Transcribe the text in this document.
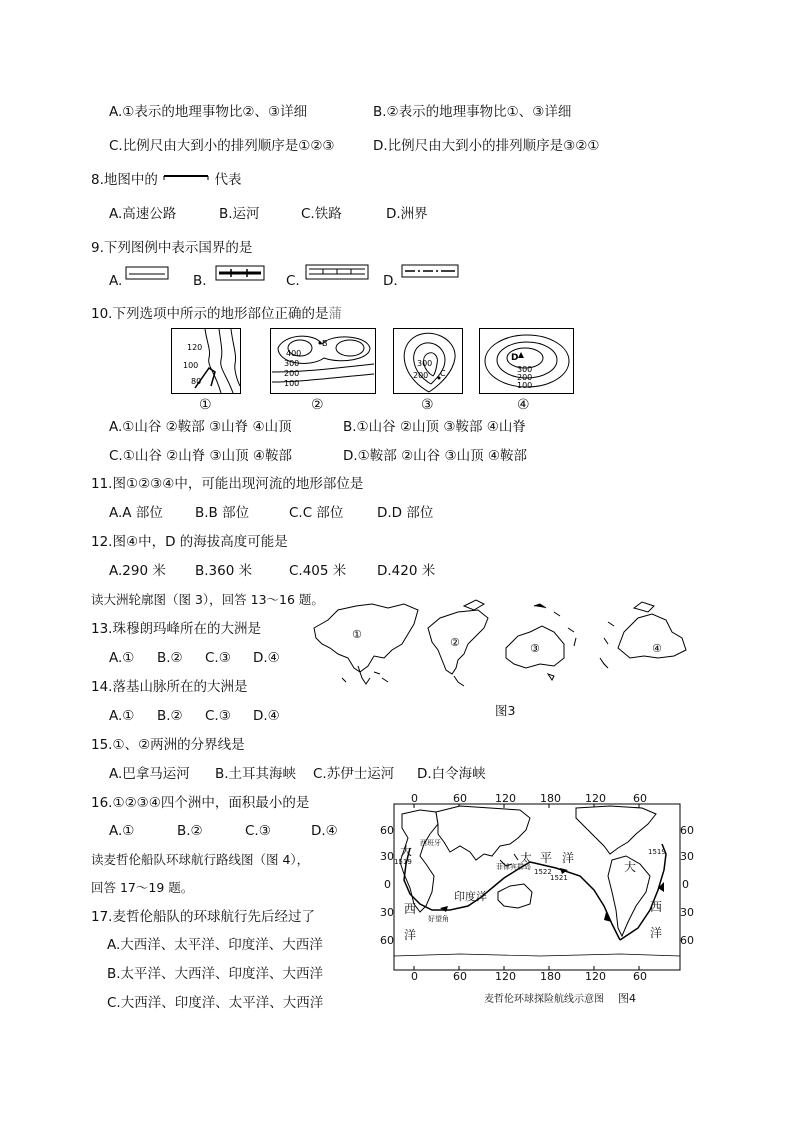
A.①表示的地理事物比②、③详细	B.②表示的地理事物比①、③详细
C.比例尺由大到小的排列顺序是①②③	D.比例尺由大到小的排列顺序是③②①
8.地图中的	代表
A.高速公路	B.运河	C.铁路	D.洲界
9.下列图例中表示国界的是
A.	B.	C.	D.
10.下列选项中所示的地形部位正确的是蒲
120
100
80
400
B
300
200
100
300
200 C
D
300
200
100
①	②	③	④
A.①山谷 ②鞍部 ③山脊 ④山顶	B.①山谷 ②山顶 ③鞍部 ④山脊
C.①山谷 ②山脊 ③山顶 ④鞍部	D.①鞍部 ②山谷 ③山顶 ④鞍部
11.图①②③④中，可能出现河流的地形部位是
A.A 部位 B.B 部位	C.C 部位 D.D 部位
12.图④中，D 的海拔高度可能是
A.290 米 B.360 米	C.405 米 D.420 米
读大洲轮廓图（图 3），回答 13～16 题。
①
②	③	④
图3
13.珠穆朗玛峰所在的大洲是
A.① B.② C.③ D.④
14.落基山脉所在的大洲是
A.① B.② C.③ D.④
15.①、②两洲的分界线是
A.巴拿马运河 B.土耳其海峡 C.苏伊士运河 D.白令海峡
16.①②③④四个洲中，面积最小的是
A.①	B.②	C.③	D.④
读麦哲伦船队环球航行路线图（图 4），
回答 17～19 题。
0	60	120 180 120 60
0	60	120 180 120 60
60
30
0
30
60
60
30
0
30
60
太 平 洋
大
西
洋
大
西
洋
印度洋
西班牙
1519
1522
1519
1521
菲律宾群岛
好望角
麦哲伦环球探险航线示意图 图4
17.麦哲伦船队的环球航行先后经过了
A.大西洋、太平洋、印度洋、大西洋
B.太平洋、大西洋、印度洋、大西洋
C.大西洋、印度洋、太平洋、大西洋
